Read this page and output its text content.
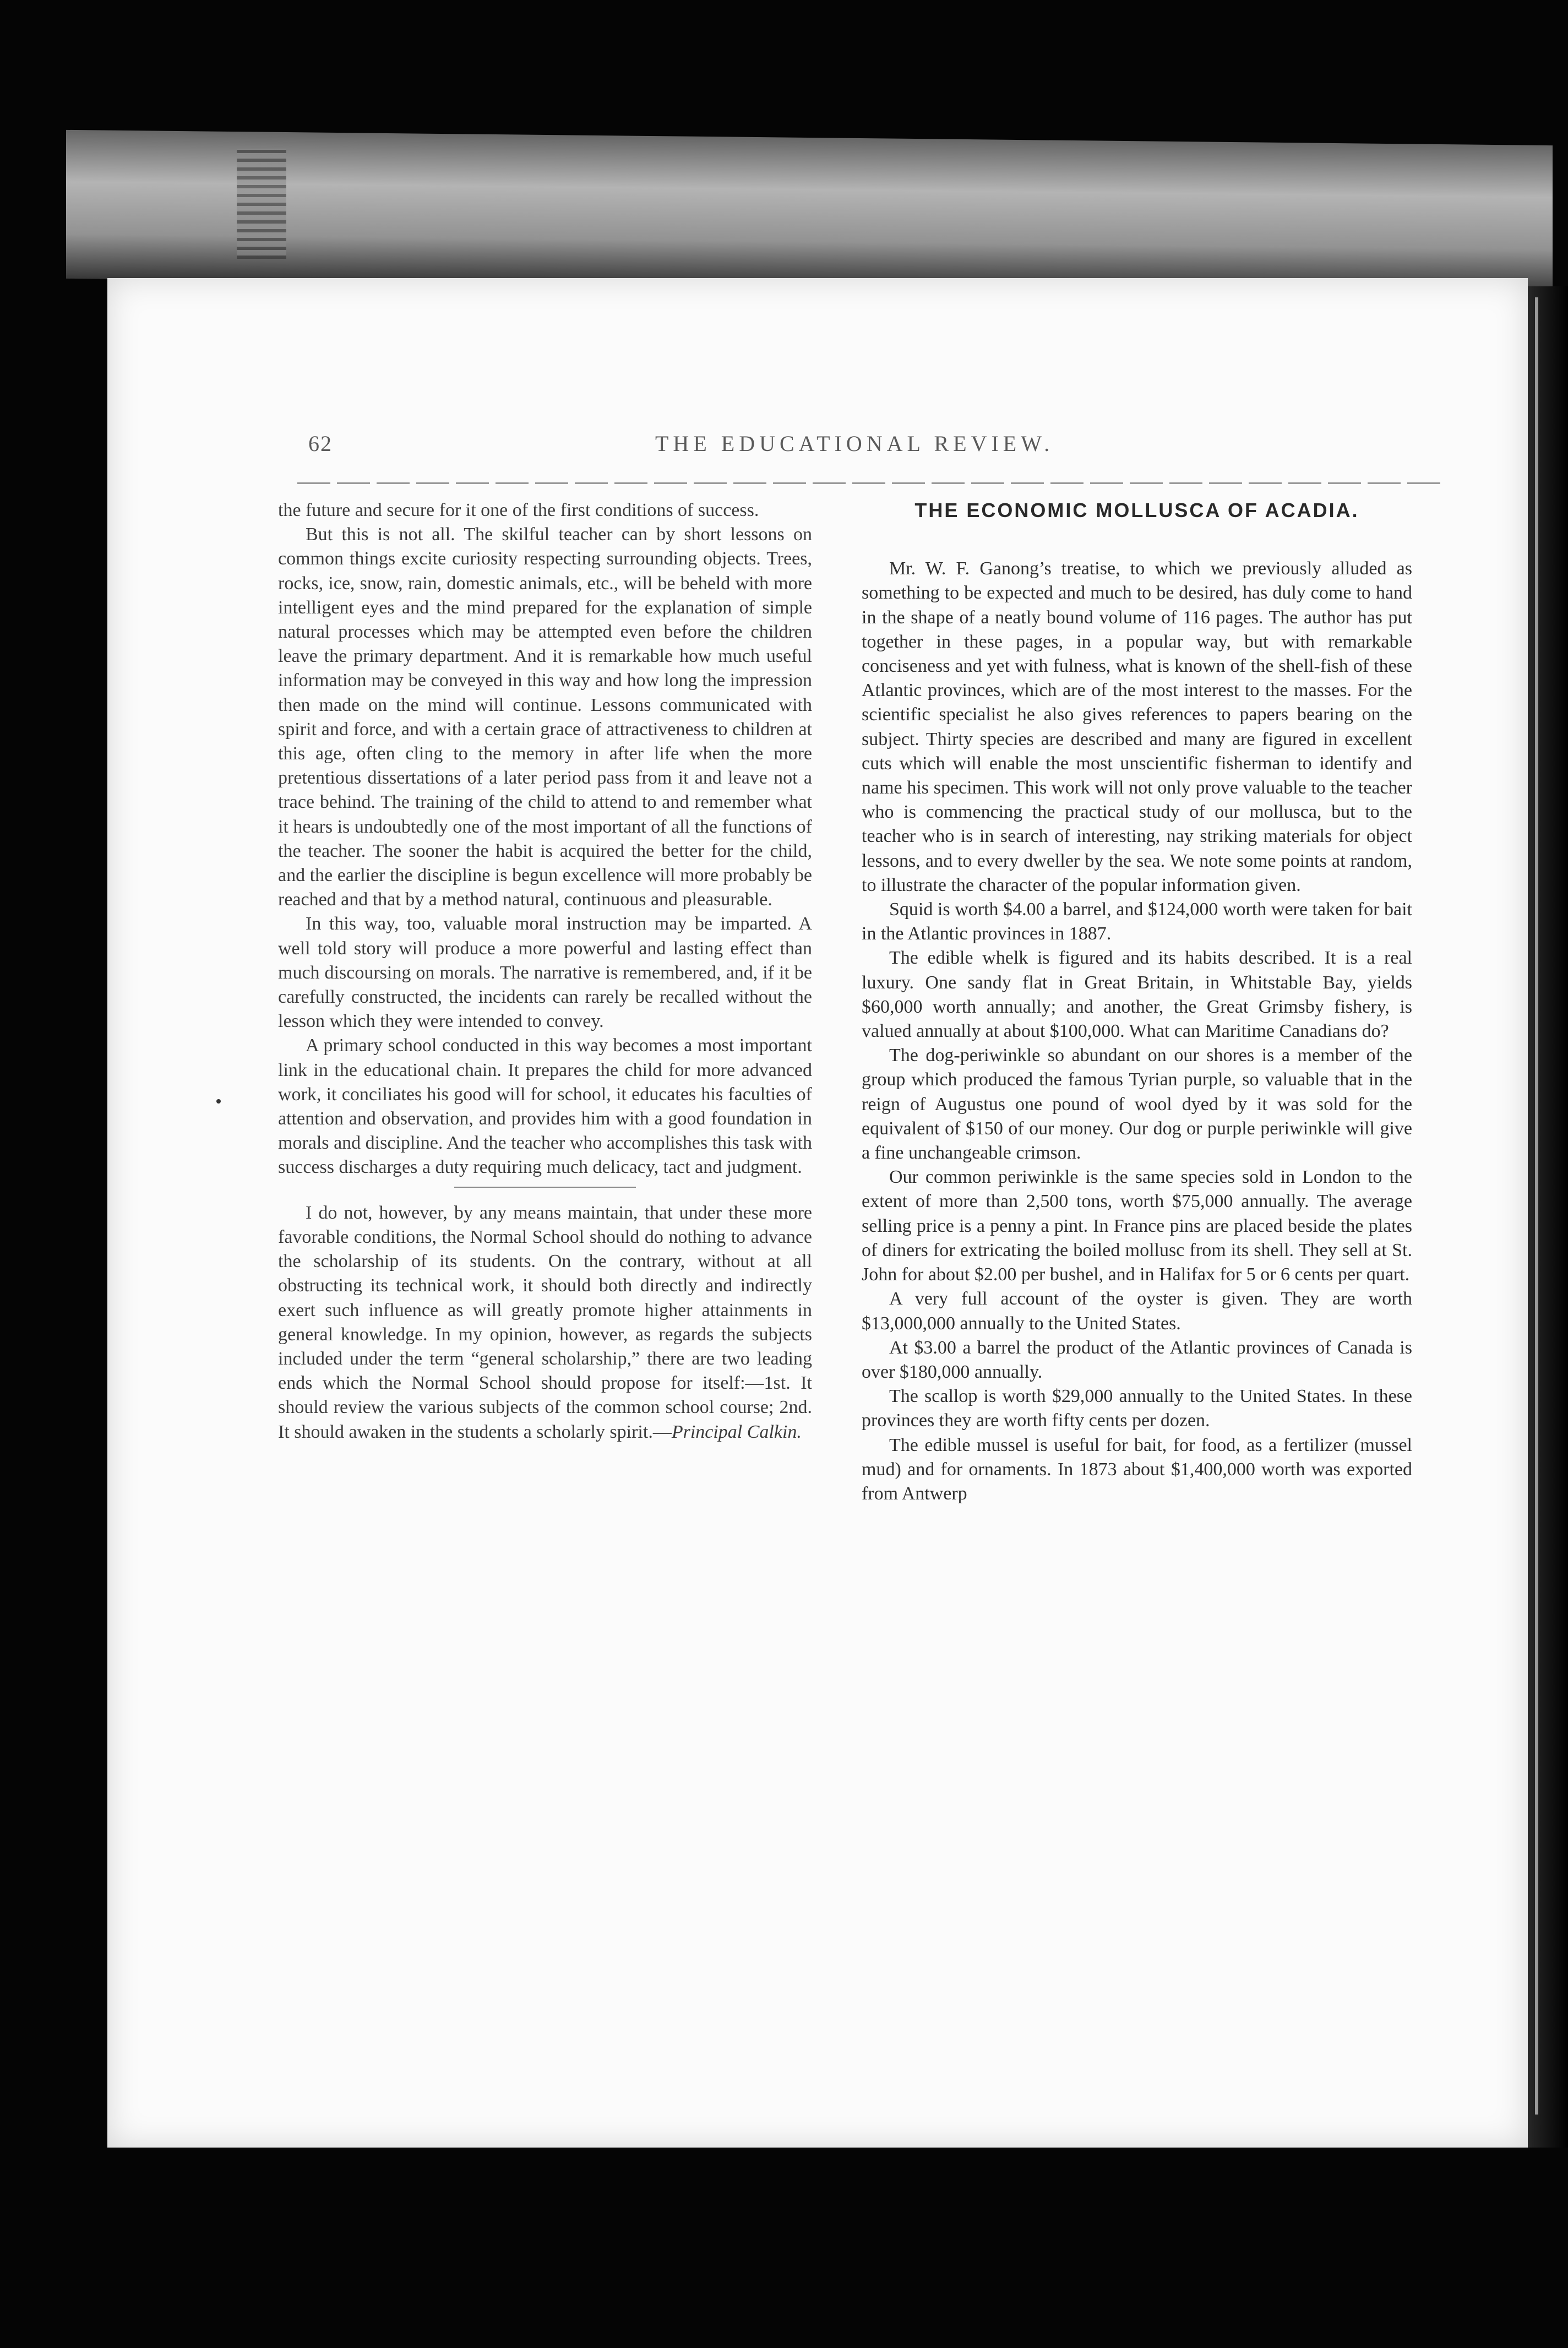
62	THE EDUCATIONAL REVIEW.

the future and secure for it one of the first conditions of success.

But this is not all. The skilful teacher can by short lessons on common things excite curiosity respecting surrounding objects. Trees, rocks, ice, snow, rain, domestic animals, etc., will be beheld with more intelligent eyes and the mind prepared for the explanation of simple natural processes which may be attempted even before the children leave the primary department. And it is remarkable how much useful information may be conveyed in this way and how long the impression then made on the mind will continue. Lessons communicated with spirit and force, and with a certain grace of attractiveness to children at this age, often cling to the memory in after life when the more pretentious dissertations of a later period pass from it and leave not a trace behind. The training of the child to attend to and remember what it hears is undoubtedly one of the most important of all the functions of the teacher. The sooner the habit is acquired the better for the child, and the earlier the discipline is begun excellence will more probably be reached and that by a method natural, continuous and pleasurable.

In this way, too, valuable moral instruction may be imparted. A well told story will produce a more powerful and lasting effect than much discoursing on morals. The narrative is remembered, and, if it be carefully constructed, the incidents can rarely be recalled without the lesson which they were intended to convey.

A primary school conducted in this way becomes a most important link in the educational chain. It prepares the child for more advanced work, it conciliates his good will for school, it educates his faculties of attention and observation, and provides him with a good foundation in morals and discipline. And the teacher who accomplishes this task with success discharges a duty requiring much delicacy, tact and judgment.

I do not, however, by any means maintain, that under these more favorable conditions, the Normal School should do nothing to advance the scholarship of its students. On the contrary, without at all obstructing its technical work, it should both directly and indirectly exert such influence as will greatly promote higher attainments in general knowledge. In my opinion, however, as regards the subjects included under the term “general scholarship,” there are two leading ends which the Normal School should propose for itself:—1st. It should review the various subjects of the common school course; 2nd. It should awaken in the students a scholarly spirit.—Principal Calkin.

THE ECONOMIC MOLLUSCA OF ACADIA.

Mr. W. F. Ganong’s treatise, to which we previously alluded as something to be expected and much to be desired, has duly come to hand in the shape of a neatly bound volume of 116 pages. The author has put together in these pages, in a popular way, but with remarkable conciseness and yet with fulness, what is known of the shell-fish of these Atlantic provinces, which are of the most interest to the masses. For the scientific specialist he also gives references to papers bearing on the subject. Thirty species are described and many are figured in excellent cuts which will enable the most unscientific fisherman to identify and name his specimen. This work will not only prove valuable to the teacher who is commencing the practical study of our mollusca, but to the teacher who is in search of interesting, nay striking materials for object lessons, and to every dweller by the sea. We note some points at random, to illustrate the character of the popular information given.

Squid is worth $4.00 a barrel, and $124,000 worth were taken for bait in the Atlantic provinces in 1887.

The edible whelk is figured and its habits described. It is a real luxury. One sandy flat in Great Britain, in Whitstable Bay, yields $60,000 worth annually; and another, the Great Grimsby fishery, is valued annually at about $100,000. What can Maritime Canadians do?

The dog-periwinkle so abundant on our shores is a member of the group which produced the famous Tyrian purple, so valuable that in the reign of Augustus one pound of wool dyed by it was sold for the equivalent of $150 of our money. Our dog or purple periwinkle will give a fine unchangeable crimson.

Our common periwinkle is the same species sold in London to the extent of more than 2,500 tons, worth $75,000 annually. The average selling price is a penny a pint. In France pins are placed beside the plates of diners for extricating the boiled mollusc from its shell. They sell at St. John for about $2.00 per bushel, and in Halifax for 5 or 6 cents per quart.

A very full account of the oyster is given. They are worth $13,000,000 annually to the United States.

At $3.00 a barrel the product of the Atlantic provinces of Canada is over $180,000 annually.

The scallop is worth $29,000 annually to the United States. In these provinces they are worth fifty cents per dozen.

The edible mussel is useful for bait, for food, as a fertilizer (mussel mud) and for ornaments. In 1873 about $1,400,000 worth was exported from Antwerp
